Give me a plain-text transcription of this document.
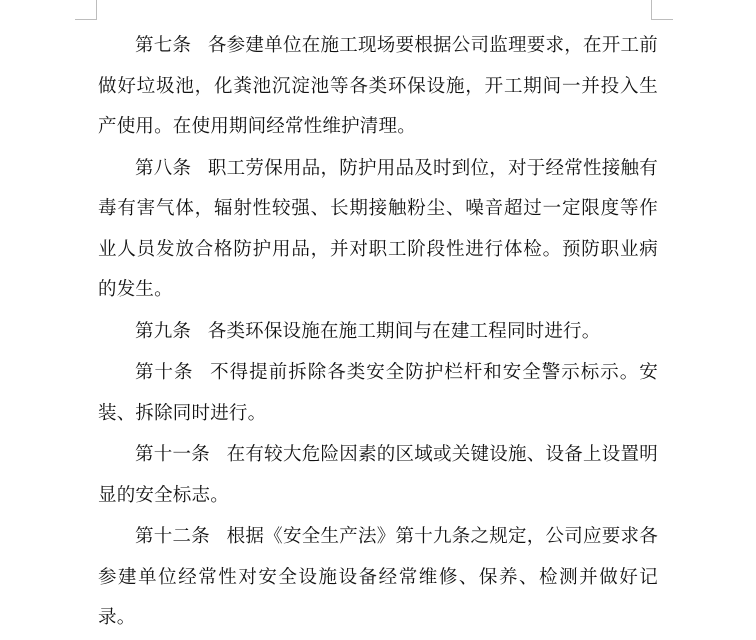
第七条 各参建单位在施工现场要根据公司监理要求，在开工前做好垃圾池，化粪池沉淀池等各类环保设施，开工期间一并投入生产使用。在使用期间经常性维护清理。

第八条 职工劳保用品，防护用品及时到位，对于经常性接触有毒有害气体，辐射性较强、长期接触粉尘、噪音超过一定限度等作业人员发放合格防护用品，并对职工阶段性进行体检。预防职业病的发生。

第九条 各类环保设施在施工期间与在建工程同时进行。

第十条 不得提前拆除各类安全防护栏杆和安全警示标示。安装、拆除同时进行。

第十一条 在有较大危险因素的区域或关键设施、设备上设置明显的安全标志。

第十二条 根据《安全生产法》第十九条之规定，公司应要求各参建单位经常性对安全设施设备经常维修、保养、检测并做好记录。
